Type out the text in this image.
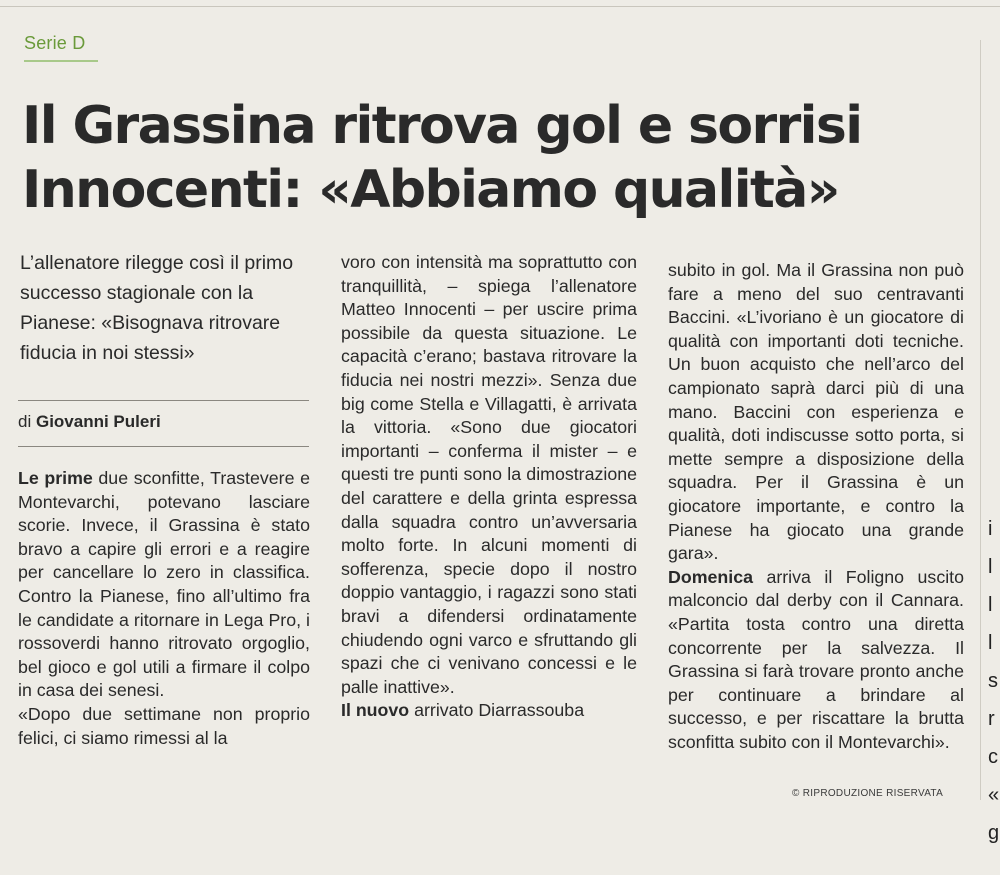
i l l l s r c « g
Serie D
Il Grassina ritrova gol e sorrisi
Innocenti: «Abbiamo qualità»

L’allenatore rilegge così il primo successo stagionale con la Pianese: «Bisognava ritrovare fiducia in noi stessi»

di Giovanni Puleri

Le prime due sconfitte, Trastevere e Montevarchi, potevano lasciare scorie. Invece, il Grassina è stato bravo a capire gli errori e a reagire per cancellare lo zero in classifica. Contro la Pianese, fino all’ultimo fra le candidate a ritornare in Lega Pro, i rossoverdi hanno ritrovato orgoglio, bel gioco e gol utili a firmare il colpo in casa dei senesi.

«Dopo due settimane non proprio felici, ci siamo rimessi al la

voro con intensità ma soprattutto con tranquillità, – spiega l’allenatore Matteo Innocenti – per uscire prima possibile da questa situazione. Le capacità c’erano; bastava ritrovare la fiducia nei nostri mezzi». Senza due big come Stella e Villagatti, è arrivata la vittoria. «Sono due giocatori importanti – conferma il mister – e questi tre punti sono la dimostrazione del carattere e della grinta espressa dalla squadra contro un’avversaria molto forte. In alcuni momenti di sofferenza, specie dopo il nostro doppio vantaggio, i ragazzi sono stati bravi a difendersi ordinatamente chiudendo ogni varco e sfruttando gli spazi che ci venivano concessi e le palle inattive».

Il nuovo arrivato Diarrassouba

subito in gol. Ma il Grassina non può fare a meno del suo centravanti Baccini. «L’ivoriano è un giocatore di qualità con importanti doti tecniche. Un buon acquisto che nell’arco del campionato saprà darci più di una mano. Baccini con esperienza e qualità, doti indiscusse sotto porta, si mette sempre a disposizione della squadra. Per il Grassina è un giocatore importante, e contro la Pianese ha giocato una grande gara».

Domenica arriva il Foligno uscito malconcio dal derby con il Cannara. «Partita tosta contro una diretta concorrente per la salvezza. Il Grassina si farà trovare pronto anche per continuare a brindare al successo, e per riscattare la brutta sconfitta subito con il Montevarchi».

© RIPRODUZIONE RISERVATA
